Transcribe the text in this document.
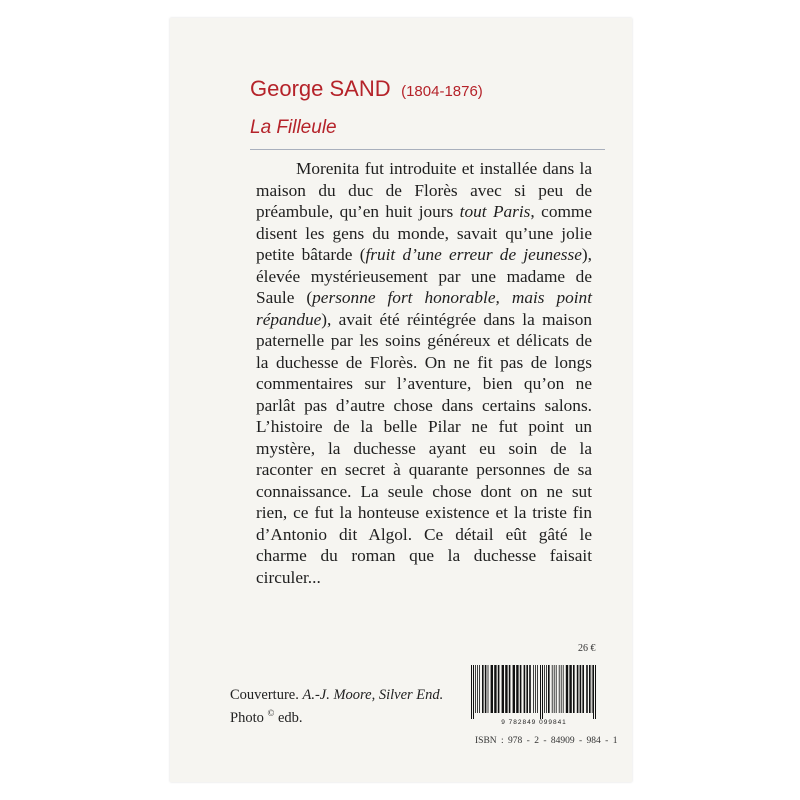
George SAND (1804-1876)
La Filleule

Morenita fut introduite et installée dans la maison du duc de Florès avec si peu de préambule, qu’en huit jours tout Paris, comme disent les gens du monde, savait qu’une jolie petite bâtarde (fruit d’une erreur de jeunesse), élevée mystérieusement par une madame de Saule (personne fort honorable, mais point répandue), avait été réintégrée dans la maison paternelle par les soins généreux et délicats de la duchesse de Florès. On ne fit pas de longs commentaires sur l’aventure, bien qu’on ne parlât pas d’autre chose dans certains salons. L’histoire de la belle Pilar ne fut point un mystère, la duchesse ayant eu soin de la raconter en secret à quarante personnes de sa connaissance. La seule chose dont on ne sut rien, ce fut la honteuse existence et la triste fin d’Antonio dit Algol. Ce détail eût gâté le charme du roman que la duchesse faisait circuler...

26 €
9 782849 099841
ISBN : 978 - 2 - 84909 - 984 - 1
Couverture. A.-J. Moore, Silver End.
Photo © edb.
